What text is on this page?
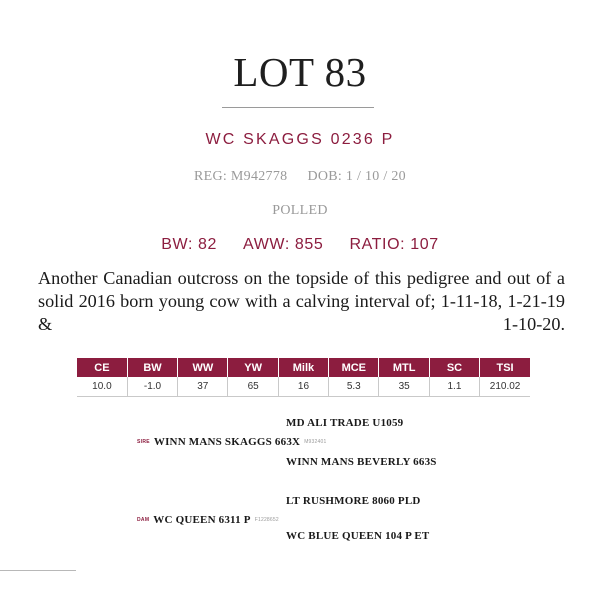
LOT 83
WC SKAGGS 0236 P
REG: M942778 DOB: 1 / 10 / 20
POLLED
BW: 82 AWW: 855 RATIO: 107
Another Canadian outcross on the topside of this pedigree and out of a solid 2016 born young cow with a calving interval of; 1-11-18, 1-21-19 & 1-10-20.
CE	BW	WW	YW	Milk	MCE	MTL	SC	TSI
10.0	-1.0	37	65	16	5.3	35	1.1	210.02
MD ALI TRADE U1059
SIRE WINN MANS SKAGGS 663X M932401
WINN MANS BEVERLY 663S
LT RUSHMORE 8060 PLD
DAM WC QUEEN 6311 P F1228652
WC BLUE QUEEN 104 P ET
